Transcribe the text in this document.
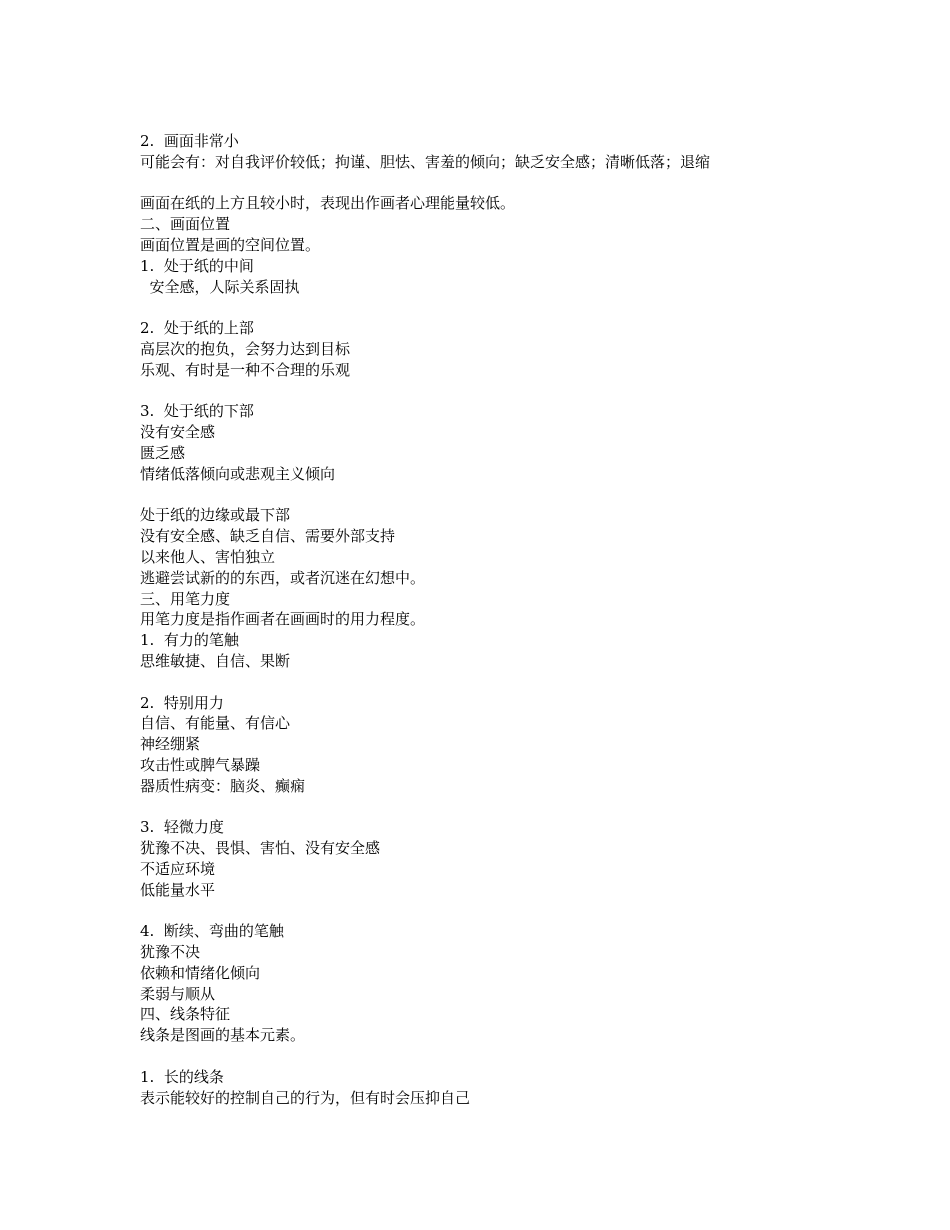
2.  画面非常小
可能会有：对自我评价较低；拘谨、胆怯、害羞的倾向；缺乏安全感；清晰低落；退缩
画面在纸的上方且较小时，表现出作画者心理能量较低。
二、画面位置
画面位置是画的空间位置。
1.  处于纸的中间
安全感，人际关系固执
2.  处于纸的上部
高层次的抱负，会努力达到目标
乐观、有时是一种不合理的乐观
3.  处于纸的下部
没有安全感
匮乏感
情绪低落倾向或悲观主义倾向
处于纸的边缘或最下部
没有安全感、缺乏自信、需要外部支持
以来他人、害怕独立
逃避尝试新的的东西，或者沉迷在幻想中。
三、用笔力度
用笔力度是指作画者在画画时的用力程度。
1.  有力的笔触
思维敏捷、自信、果断
2.  特别用力
自信、有能量、有信心
神经绷紧
攻击性或脾气暴躁
器质性病变：脑炎、癫痫
3.  轻微力度
犹豫不决、畏惧、害怕、没有安全感
不适应环境
低能量水平
4.  断续、弯曲的笔触
犹豫不决
依赖和情绪化倾向
柔弱与顺从
四、线条特征
线条是图画的基本元素。
1.  长的线条
表示能较好的控制自己的行为，但有时会压抑自己
